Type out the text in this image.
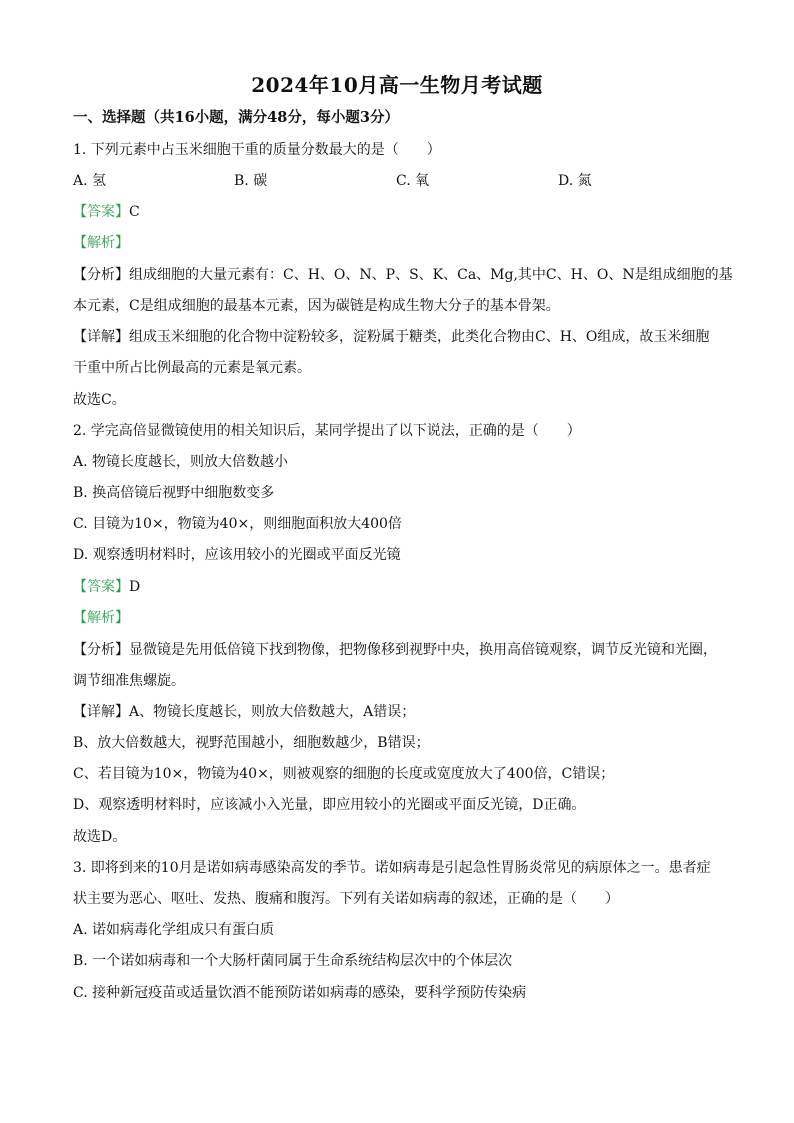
2024年10月高一生物月考试题
一、选择题（共16小题，满分48分，每小题3分）
1. 下列元素中占玉米细胞干重的质量分数最大的是（　　）
A. 氢	B. 碳	C. 氧	D. 氮
【答案】C
【解析】
【分析】组成细胞的大量元素有：C、H、O、N、P、S、K、Ca、Mg,其中C、H、O、N是组成细胞的基
本元素，C是组成细胞的最基本元素，因为碳链是构成生物大分子的基本骨架。
【详解】组成玉米细胞的化合物中淀粉较多，淀粉属于糖类，此类化合物由C、H、O组成，故玉米细胞
干重中所占比例最高的元素是氧元素。
故选C。
2. 学完高倍显微镜使用的相关知识后，某同学提出了以下说法，正确的是（　　）
A. 物镜长度越长，则放大倍数越小
B. 换高倍镜后视野中细胞数变多
C. 目镜为10×，物镜为40×，则细胞面积放大400倍
D. 观察透明材料时，应该用较小的光圈或平面反光镜
【答案】D
【解析】
【分析】显微镜是先用低倍镜下找到物像，把物像移到视野中央，换用高倍镜观察，调节反光镜和光圈，
调节细准焦螺旋。
【详解】A、物镜长度越长，则放大倍数越大，A错误；
B、放大倍数越大，视野范围越小，细胞数越少，B错误；
C、若目镜为10×，物镜为40×，则被观察的细胞的长度或宽度放大了400倍，C错误；
D、观察透明材料时，应该减小入光量，即应用较小的光圈或平面反光镜，D正确。
故选D。
3. 即将到来的10月是诺如病毒感染高发的季节。诺如病毒是引起急性胃肠炎常见的病原体之一。患者症
状主要为恶心、呕吐、发热、腹痛和腹泻。下列有关诺如病毒的叙述，正确的是（　　）
A. 诺如病毒化学组成只有蛋白质
B. 一个诺如病毒和一个大肠杆菌同属于生命系统结构层次中的个体层次
C. 接种新冠疫苗或适量饮酒不能预防诺如病毒的感染，要科学预防传染病
